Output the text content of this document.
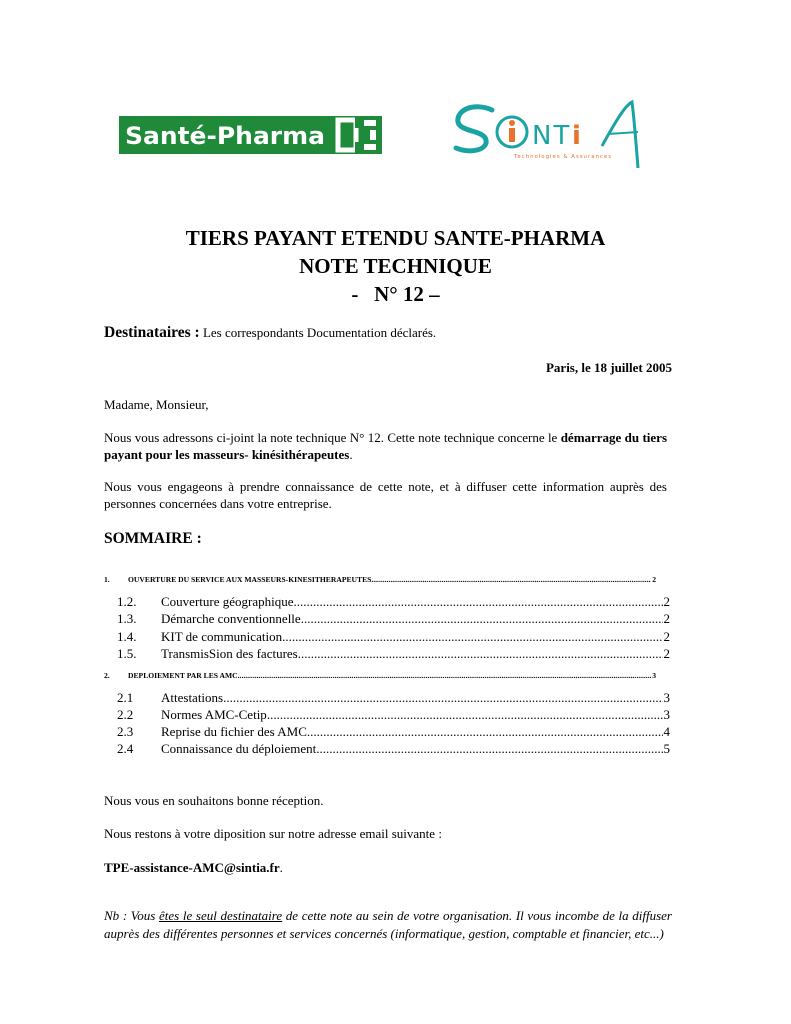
Santé-Pharma	NT i
Technologies & Assurances
TIERS PAYANT ETENDU SANTE-PHARMA
NOTE TECHNIQUE
-   N° 12 –
Destinataires : Les correspondants Documentation déclarés.
Paris, le 18 juillet 2005
Madame, Monsieur,
Nous vous adressons ci-joint la note technique N° 12. Cette note technique concerne le démarrage du tiers payant pour les masseurs- kinésithérapeutes.
Nous vous engageons à prendre connaissance de cette note, et à diffuser cette information auprès des personnes concernées dans votre entreprise.
SOMMAIRE :
1.	OUVERTURE DU SERVICE AUX MASSEURS-KINESITHERAPEUTES .....	2
1.2.	Couverture géographique .....	2
1.3.	Démarche conventionnelle .....	2
1.4.	KIT de communication .....	2
1.5.	TransmisSion des factures .....	2
2.	DEPLOIEMENT PAR LES AMC .....	3
2.1	Attestations .....	3
2.2	Normes AMC-Cetip .....	3
2.3	Reprise du fichier des AMC .....	4
2.4	Connaissance du déploiement .....	5
Nous vous en souhaitons bonne réception.
Nous restons à votre diposition sur notre adresse email suivante :
TPE-assistance-AMC@sintia.fr.
Nb : Vous êtes le seul destinataire de cette note au sein de votre organisation. Il vous incombe de la diffuser auprès des différentes personnes et services concernés (informatique, gestion, comptable et financier, etc...)
